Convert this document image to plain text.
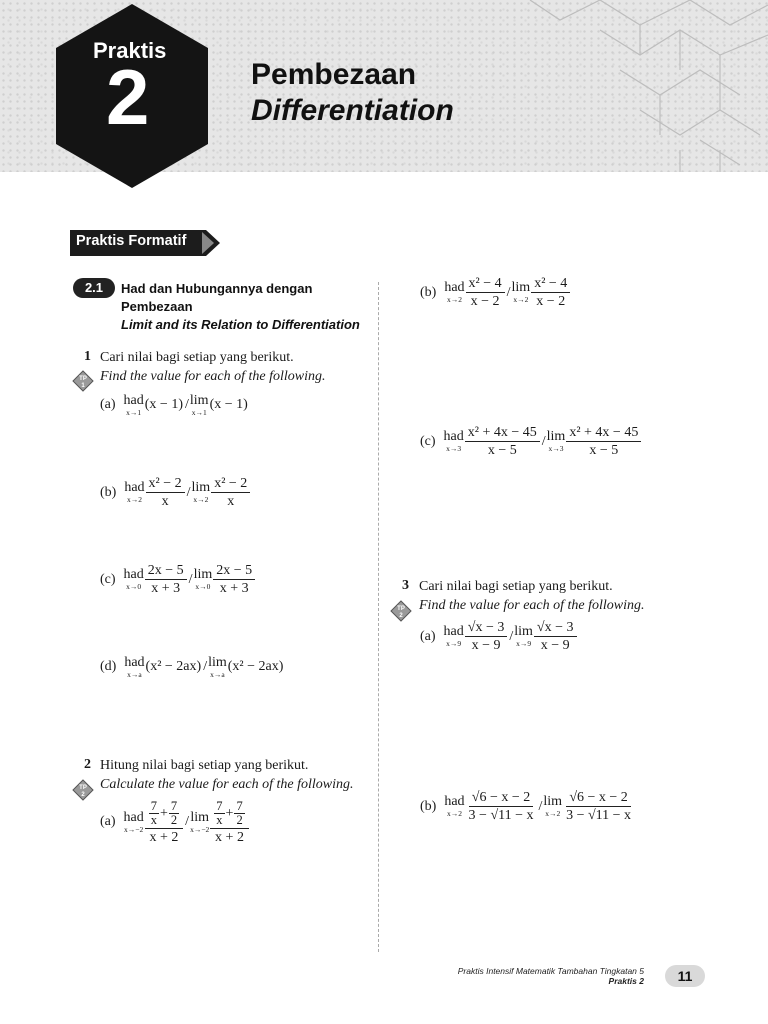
Praktis
2	Pembezaan
Differentiation
Praktis Formatif
2.1	Had dan Hubungannya dengan Pembezaan
Limit and its Relation to Differentiation
1 Cari nilai bagi setiap yang berikut.
Find the value for each of the following.
TP
1
(a) had
x→1
(x − 1) / lim
x→1
(x − 1)
(b) had
$x\to 2 \frac{\text{x² − 2}}{x} / \lim$
$x\to 2 \frac{\text{x² − 2}}{x}$
(c) had
$x\to 0 \frac{2x - 5}{x + 3} / \lim$
$x\to 0 \frac{2x - 5}{x + 3}$
(d) had
x→a
(x² − 2ax) / lim
x→a
(x² − 2ax)
2 Hitung nilai bagi setiap yang berikut.
Calculate the value for each of the following.
TP
2
(a) had
$x\to-2 \frac{\frac{7}{x} + \frac{7}{2}}{x + 2} / \lim$
$x\to-2 \frac{\frac{7}{x} + \frac{7}{2}}{x + 2}$
(b) had
$x\to 2 \frac{\text{x² − 4}}{x - 2} / \lim$
$x\to 2 \frac{\text{x² − 4}}{x - 2}$
(c) had
$x\to 3 \frac{\text{x² + 4x − 45}}{x - 5} / \lim$
$x\to 3 \frac{\text{x² + 4x − 45}}{x - 5}$
3 Cari nilai bagi setiap yang berikut.
Find the value for each of the following.
TP
2
(a) had
$x\to 9 \frac{√x - 3}{x - 9} / \lim$
$x\to 9 \frac{√x - 3}{x - 9}$
(b) had
$x\to 2 \frac{√6 - x - 2}{3 - √11 - x} / \lim$
$x\to 2 \frac{√6 - x - 2}{3 - √11 - x}$
Praktis Intensif Matematik Tambahan Tingkatan 5
Praktis 2	11
